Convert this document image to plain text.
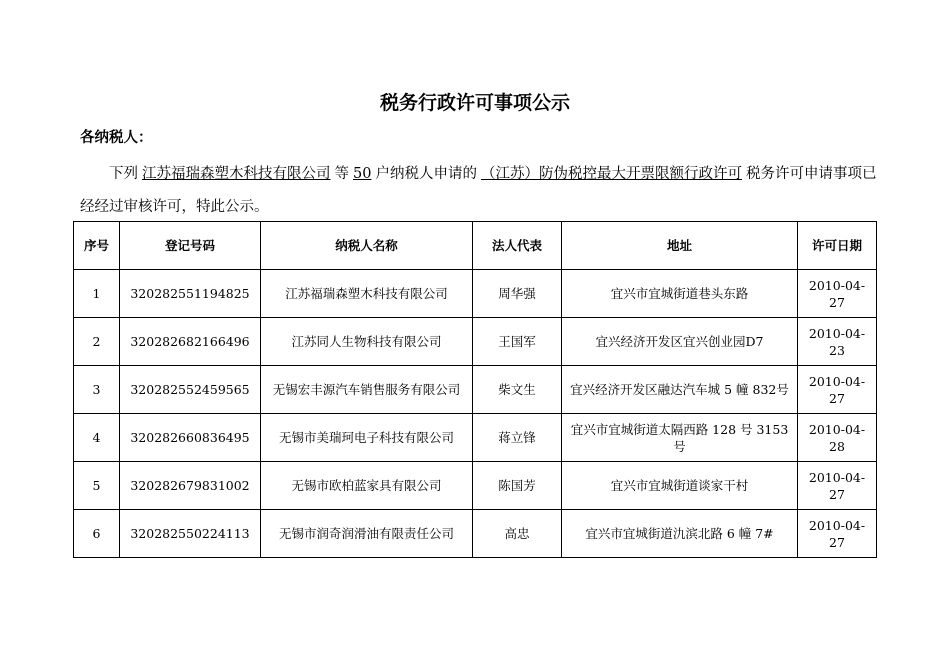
税务行政许可事项公示
各纳税人：
下列 江苏福瑞森塑木科技有限公司 等 50 户纳税人申请的 （江苏）防伪税控最大开票限额行政许可 税务许可申请事项已经经过审核许可，特此公示。
序号	登记号码	纳税人名称	法人代表	地址	许可日期
1	320282551194825	江苏福瑞森塑木科技有限公司	周华强	宜兴市宜城街道巷头东路	2010-04-27
2	320282682166496	江苏同人生物科技有限公司	王国军	宜兴经济开发区宜兴创业园D7	2010-04-23
3	320282552459565	无锡宏丰源汽车销售服务有限公司	柴文生	宜兴经济开发区融达汽车城 5 幢 832号	2010-04-27
4	320282660836495	无锡市美瑞珂电子科技有限公司	蒋立锋	宜兴市宜城街道太隔西路 128 号 3153号	2010-04-28
5	320282679831002	无锡市欧柏蓝家具有限公司	陈国芳	宜兴市宜城街道谈家干村	2010-04-27
6	320282550224113	无锡市润奇润滑油有限责任公司	高忠	宜兴市宜城街道氿滨北路 6 幢 7#	2010-04-27
